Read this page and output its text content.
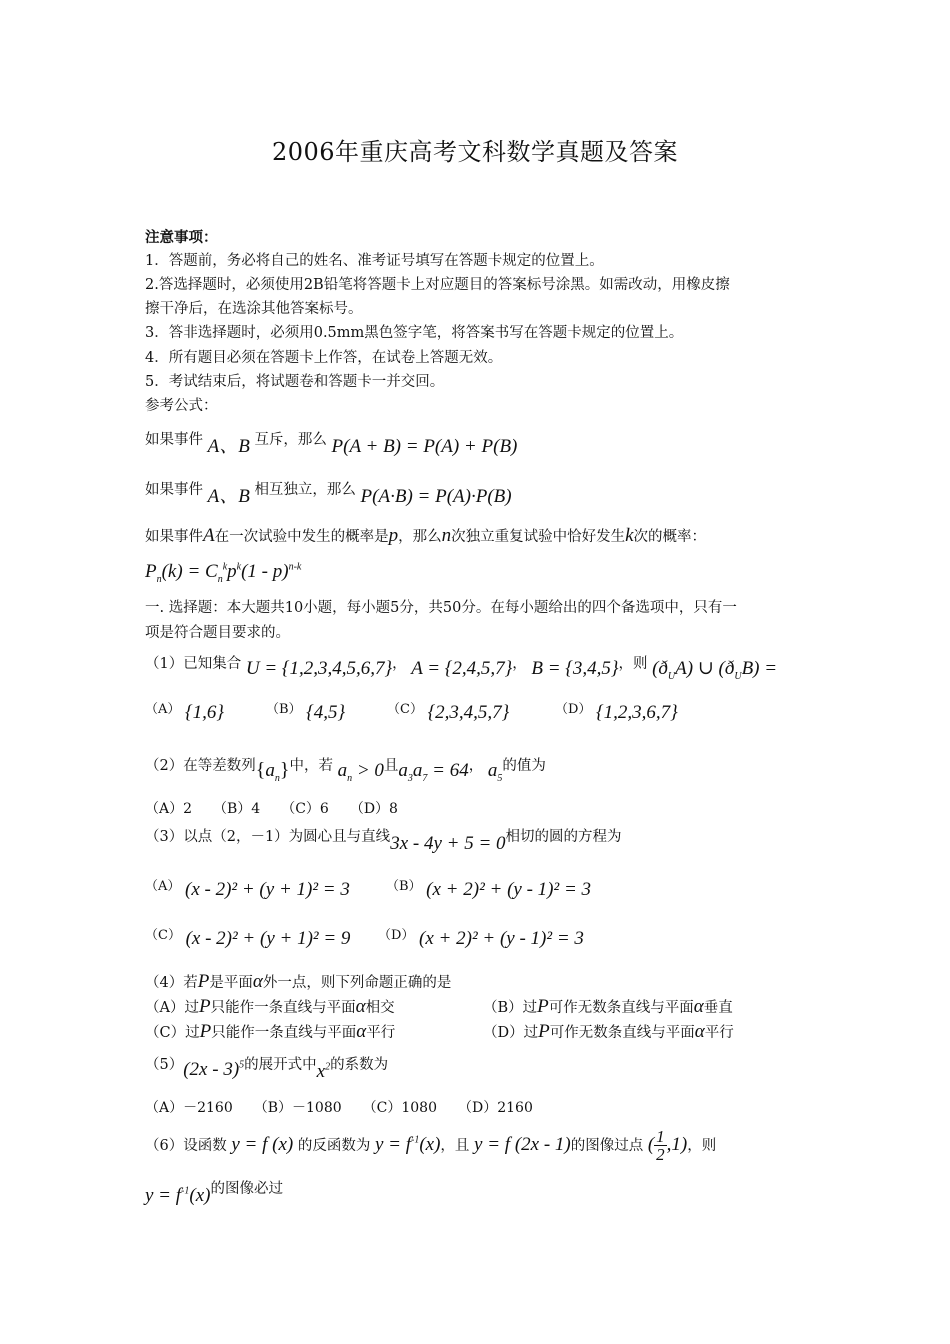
2006年重庆高考文科数学真题及答案
注意事项：
1．答题前，务必将自己的姓名、准考证号填写在答题卡规定的位置上。
2.答选择题时，必须使用2B铅笔将答题卡上对应题目的答案标号涂黑。如需改动，用橡皮擦
擦干净后，在选涂其他答案标号。
3．答非选择题时，必须用0.5mm黑色签字笔，将答案书写在答题卡规定的位置上。
4．所有题目必须在答题卡上作答，在试卷上答题无效。
5．考试结束后，将试题卷和答题卡一并交回。
参考公式：
如果事件 A、B 互斥，那么 P(A + B) = P(A) + P(B)
如果事件 A、B 相互独立，那么 P(A·B) = P(A)·P(B)
如果事件A在一次试验中发生的概率是p，那么n次独立重复试验中恰好发生k次的概率：
$P_n(k) = C_n^kp^k(1 - p)^{n-k}$
一. 选择题：本大题共10小题，每小题5分，共50分。在每小题给出的四个备选项中，只有一
项是符合题目要求的。
（1）已知集合 U = {1,2,3,4,5,6,7}， A = {2,4,5,7}， B = {3,4,5}，则 $(ð_UA)$ ∪ $(ð_UB)$ =
（A） {1,6}	（B） {4,5}	（C） {2,3,4,5,7}	（D） {1,2,3,6,7}
（2）在等差数列$\{a_n\}$中，若 $a_n > 0$且$a_3a_7 = 64$， $a_5$的值为
（A）2　　（B）4　　（C）6　　（D）8
（3）以点（2，－1）为圆心且与直线3x - 4y + 5 = 0相切的圆的方程为
（A） (x - 2)² + (y + 1)² = 3	（B） (x + 2)² + (y - 1)² = 3
（C） (x - 2)² + (y + 1)² = 9 （D） (x + 2)² + (y - 1)² = 3
（4）若P是平面α外一点，则下列命题正确的是
（A）过P只能作一条直线与平面α相交	（B）过P可作无数条直线与平面α垂直
（C）过P只能作一条直线与平面α平行	（D）过P可作无数条直线与平面α平行
（5）(2x - 3)$^5$的展开式中$x^2$的系数为
（A）－2160　　（B）－1080　　（C）1080　　（D）2160
（6）设函数 y = f (x) 的反函数为 $y = f^{-1}(x)$，且 y = f (2x - 1)的图像过点 ( $\frac{1}{2} ,1$)，则
$y = f^{-1}(x)$的图像必过
